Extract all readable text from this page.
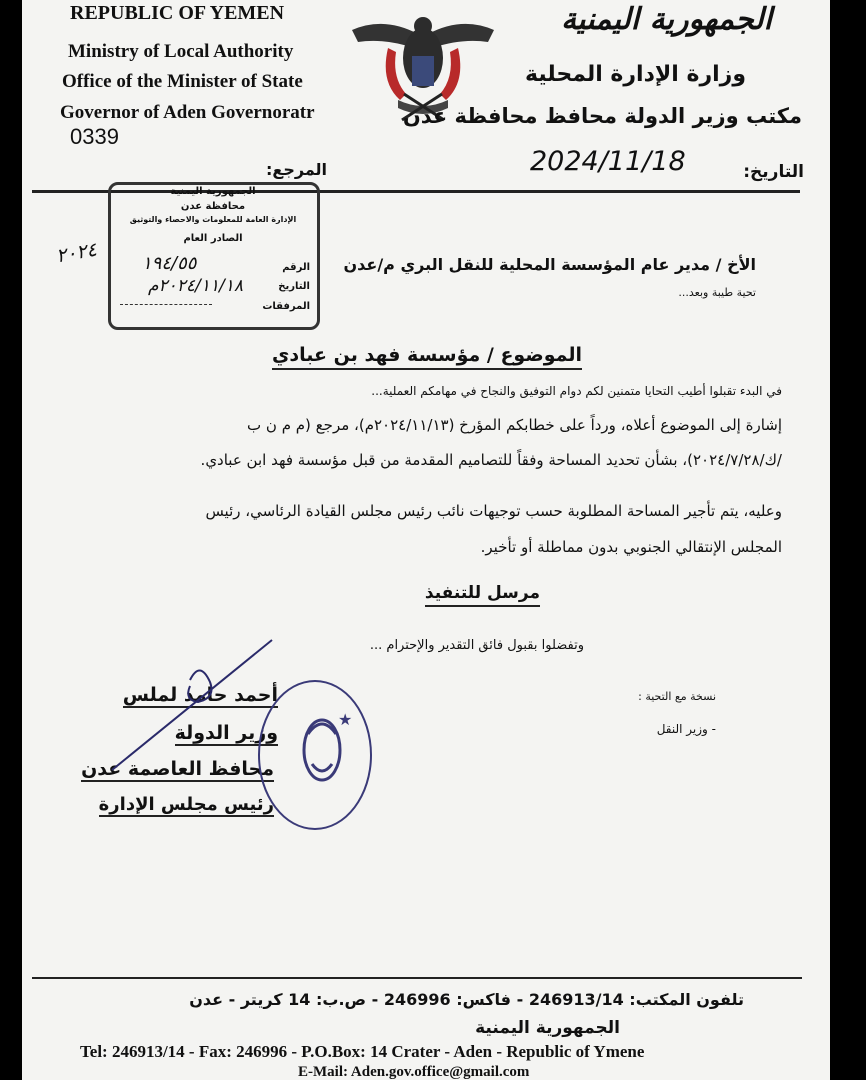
REPUBLIC OF YEMEN
Ministry of Local Authority
Office of the Minister of State
Governor of Aden Governoratr
0339
الجمهورية اليمنية
وزارة الإدارة المحلية
مكتب وزير الدولة محافظ محافظة عدن
التاريخ:
2024/11/18
المرجع:
الجمهورية اليمنية
محافظة عدن
الإدارة العامة للمعلومات والاحصاء والتوثيق
الصادر العام
الرقم
التاريخ
المرفقات
١٩٤/٥٥
٢٠٢٤/١١/١٨م
٢٠٢٤	الأخ / مدير عام المؤسسة المحلية للنقل البري م/عدن
تحية طيبة وبعد...
الموضوع / مؤسسة فهد بن عبادي
في البدء تقبلوا أطيب التحايا متمنين لكم دوام التوفيق والنجاح في مهامكم العملية...
إشارة إلى الموضوع أعلاه، ورداً على خطابكم المؤرخ (٢٠٢٤/١١/١٣م)، مرجع (م م ن ب
/ك/٢٠٢٤/٧/٢٨)، بشأن تحديد المساحة وفقاً للتصاميم المقدمة من قبل مؤسسة فهد ابن عبادي.
وعليه، يتم تأجير المساحة المطلوبة حسب توجيهات نائب رئيس مجلس القيادة الرئاسي، رئيس
المجلس الإنتقالي الجنوبي بدون مماطلة أو تأخير.
مرسل للتنفيذ
وتفضلوا بقبول فائق التقدير والإحترام ...
نسخة مع التحية :
- وزير النقل
أحمد حامد لملس
وزير الدولة
محافظ العاصمة عدن
رئيس مجلس الإدارة
★
تلفون المكتب: 246913/14 - فاكس: 246996 - ص.ب: 14 كريتر - عدن
الجمهورية اليمنية
Tel: 246913/14 - Fax: 246996 - P.O.Box: 14 Crater - Aden - Republic of Ymene
E-Mail: Aden.gov.office@gmail.com
